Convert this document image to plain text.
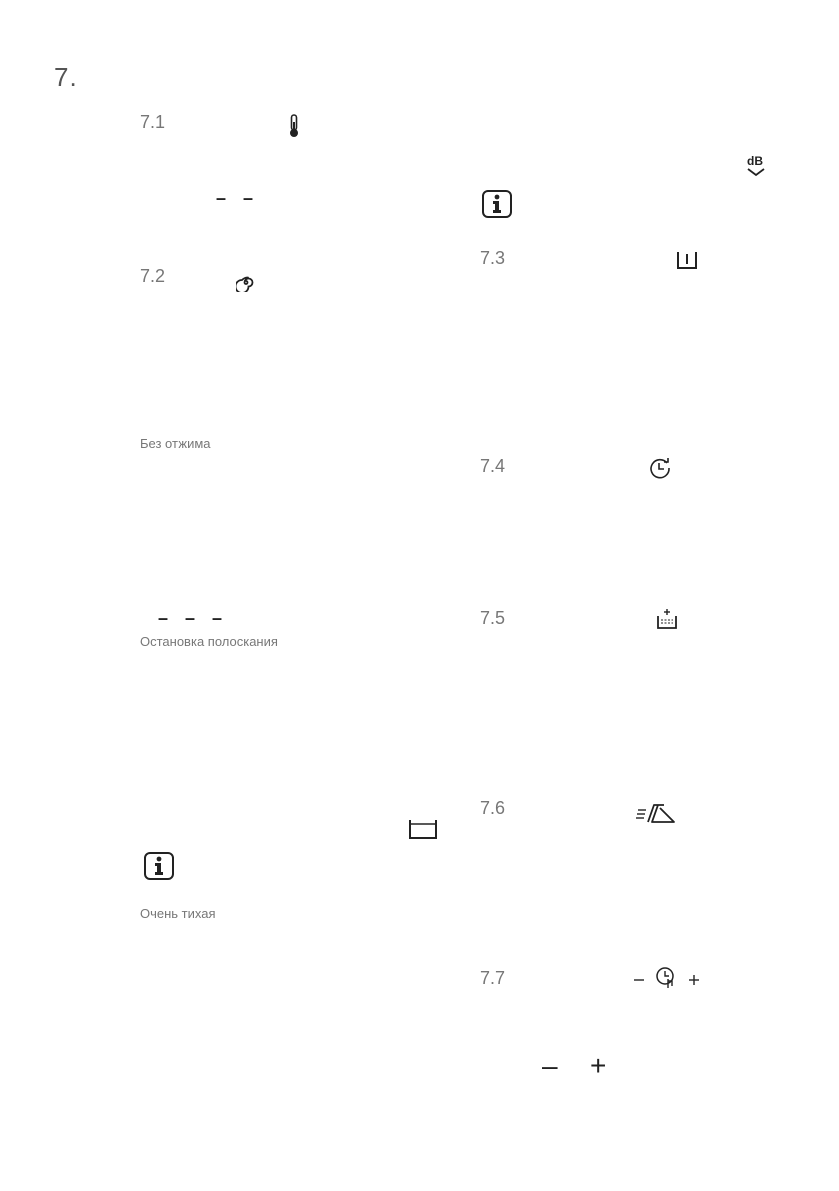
7.
7.1
– –
7.2
Без отжима
– – –
Остановка полоскания
Очень тихая
dB
7.3
7.4
7.5
7.6
7.7
– +
